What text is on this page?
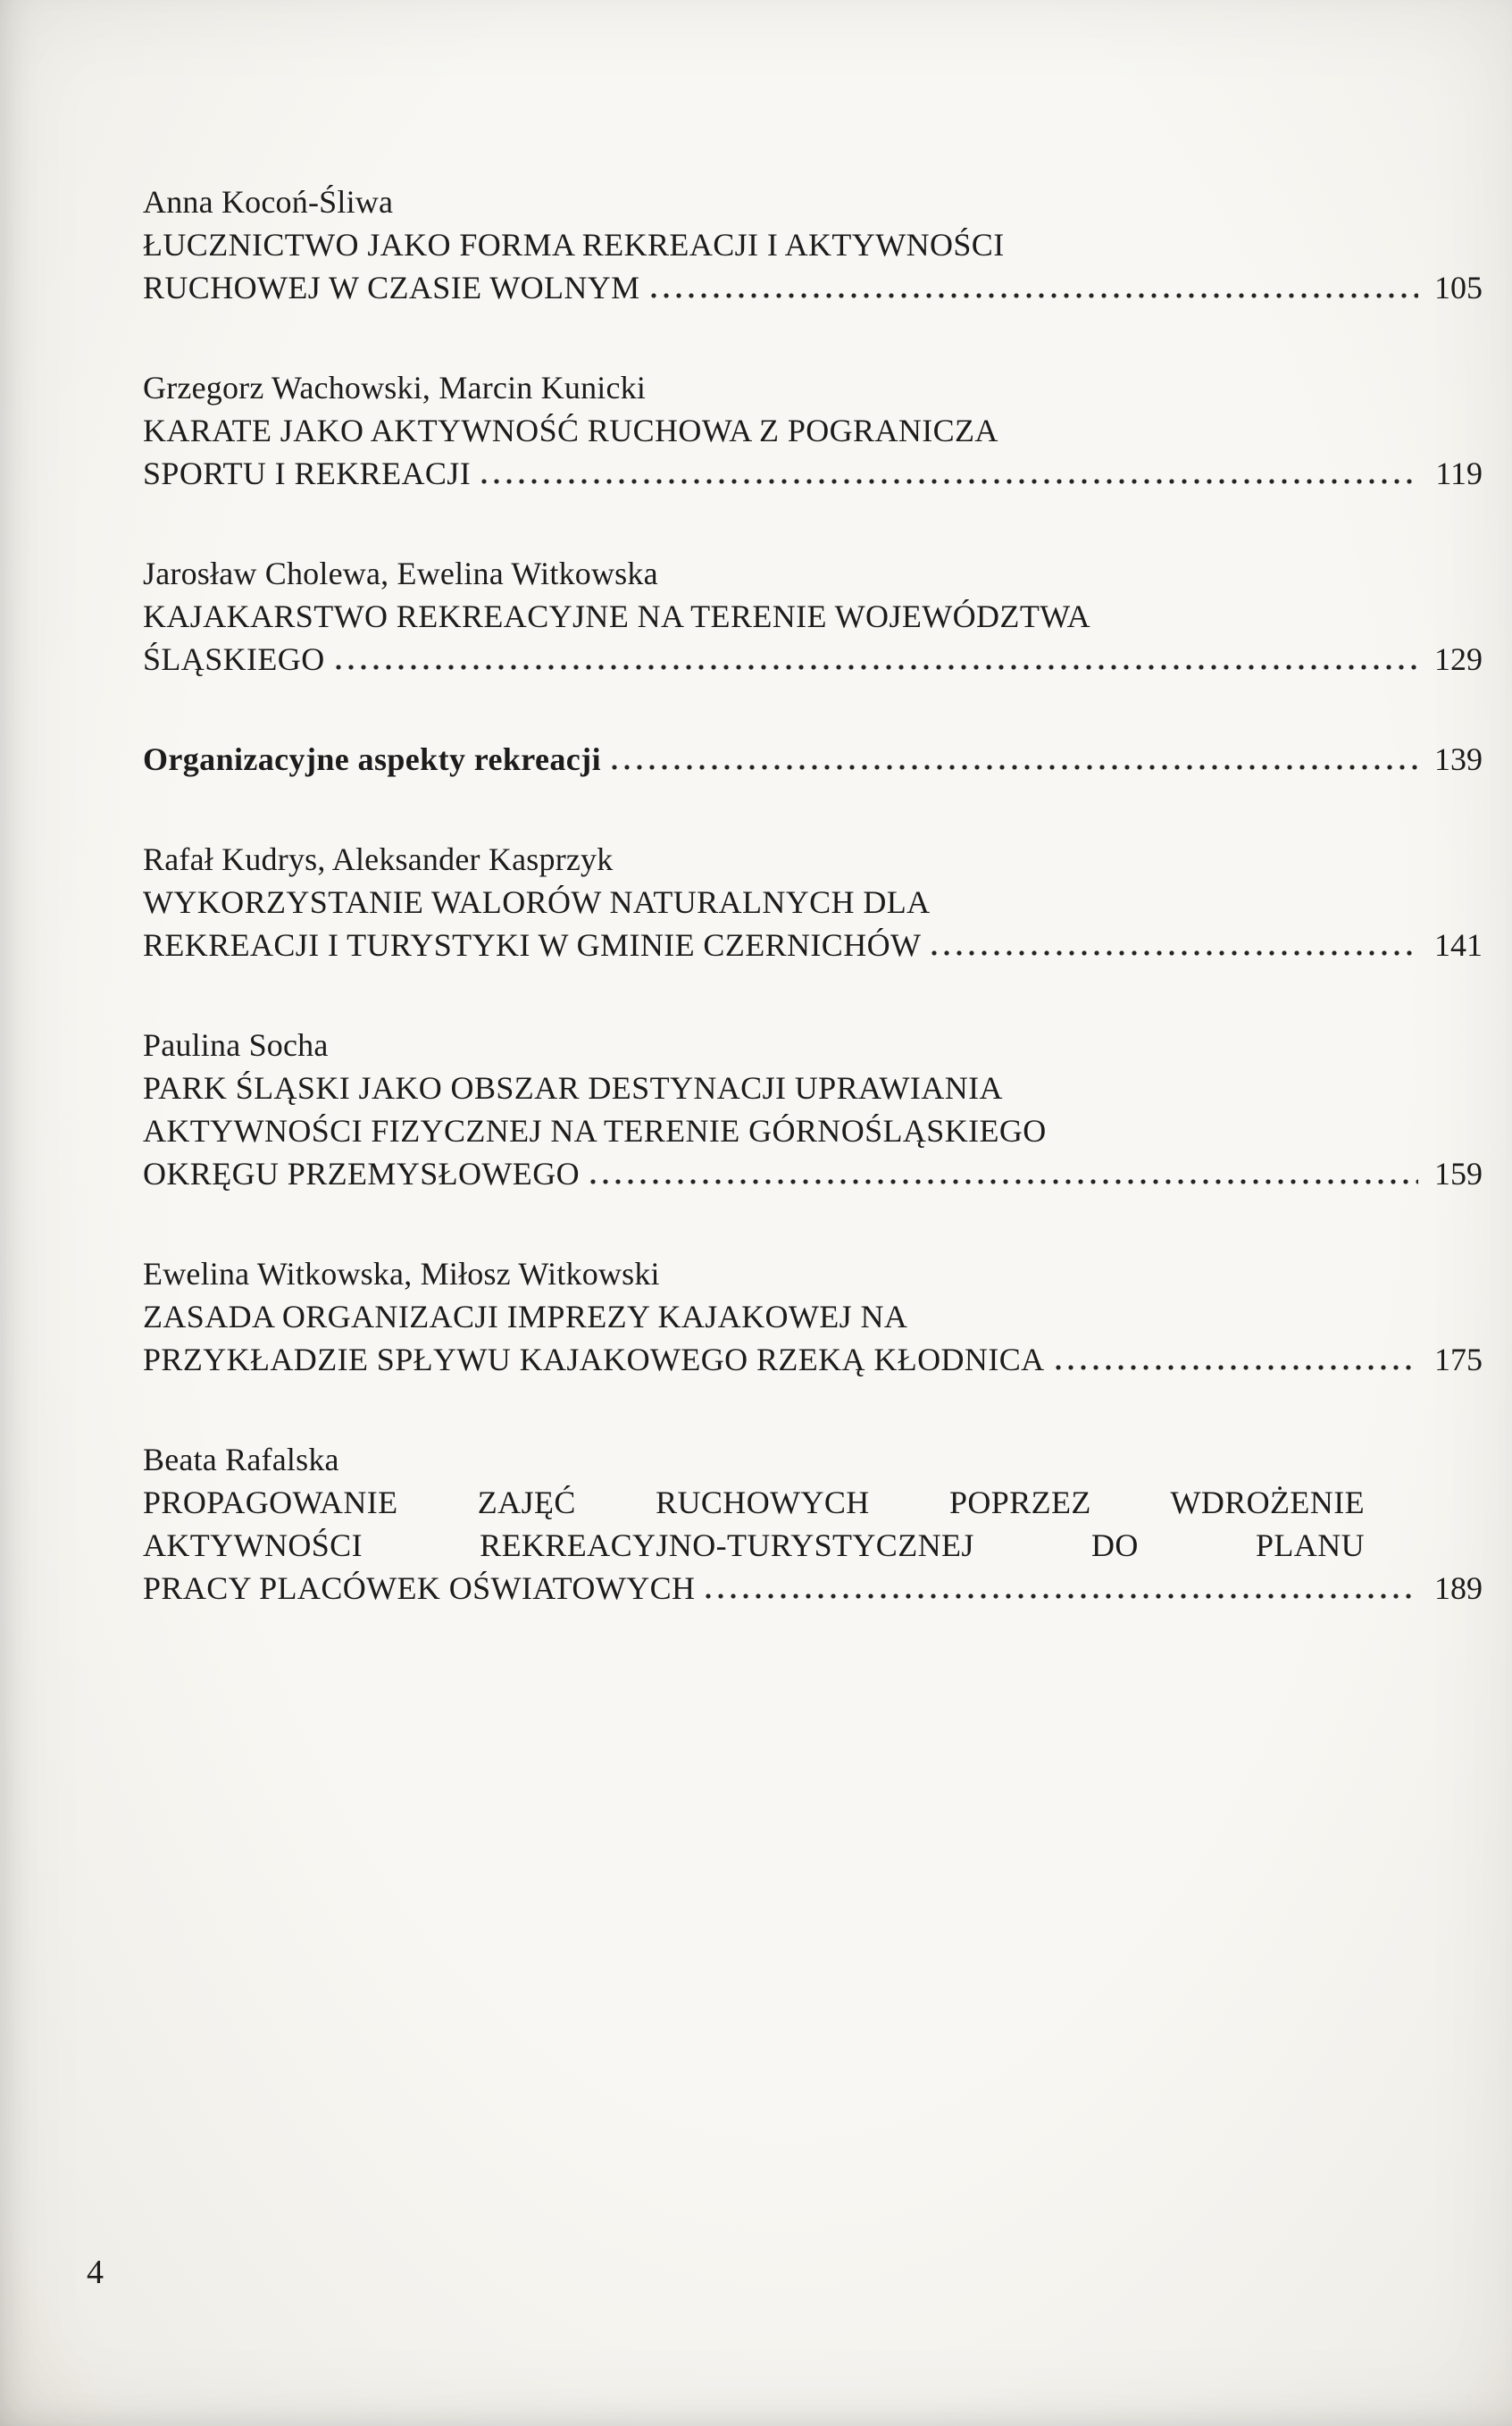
Anna Kocoń-Śliwa
ŁUCZNICTWO JAKO FORMA REKREACJI I AKTYWNOŚCI
RUCHOWEJ W CZASIE WOLNYM	105
Grzegorz Wachowski, Marcin Kunicki
KARATE JAKO AKTYWNOŚĆ RUCHOWA Z POGRANICZA
SPORTU I REKREACJI	119
Jarosław Cholewa, Ewelina Witkowska
KAJAKARSTWO REKREACYJNE NA TERENIE WOJEWÓDZTWA
ŚLĄSKIEGO	129
Organizacyjne aspekty rekreacji	139
Rafał Kudrys, Aleksander Kasprzyk
WYKORZYSTANIE WALORÓW NATURALNYCH DLA
REKREACJI I TURYSTYKI W GMINIE CZERNICHÓW	141
Paulina Socha
PARK ŚLĄSKI JAKO OBSZAR DESTYNACJI UPRAWIANIA
AKTYWNOŚCI FIZYCZNEJ NA TERENIE GÓRNOŚLĄSKIEGO
OKRĘGU PRZEMYSŁOWEGO	159
Ewelina Witkowska, Miłosz Witkowski
ZASADA ORGANIZACJI IMPREZY KAJAKOWEJ NA
PRZYKŁADZIE SPŁYWU KAJAKOWEGO RZEKĄ KŁODNICA	175
Beata Rafalska
PROPAGOWANIE ZAJĘĆ RUCHOWYCH POPRZEZ WDROŻENIE
AKTYWNOŚCI REKREACYJNO-TURYSTYCZNEJ DO PLANU
PRACY PLACÓWEK OŚWIATOWYCH	189
4
